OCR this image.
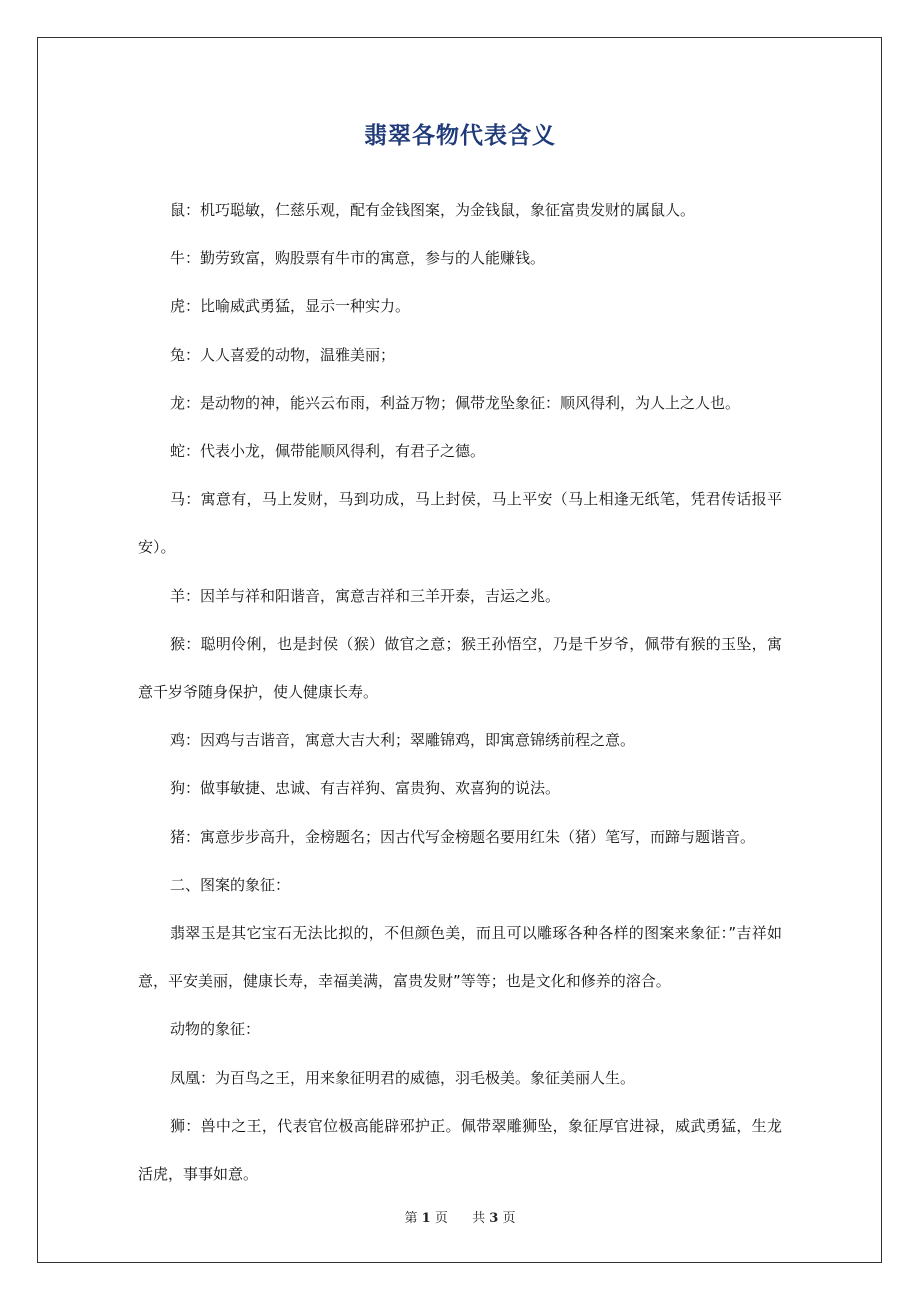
翡翠各物代表含义

鼠：机巧聪敏，仁慈乐观，配有金钱图案，为金钱鼠，象征富贵发财的属鼠人。

牛：勤劳致富，购股票有牛市的寓意，参与的人能赚钱。

虎：比喻威武勇猛，显示一种实力。

兔：人人喜爱的动物，温雅美丽；

龙：是动物的神，能兴云布雨，利益万物；佩带龙坠象征：顺风得利，为人上之人也。

蛇：代表小龙，佩带能顺风得利，有君子之德。

马：寓意有，马上发财，马到功成，马上封侯，马上平安（马上相逢无纸笔，凭君传话报平安）。

羊：因羊与祥和阳谐音，寓意吉祥和三羊开泰，吉运之兆。

猴：聪明伶俐，也是封侯（猴）做官之意；猴王孙悟空，乃是千岁爷，佩带有猴的玉坠，寓意千岁爷随身保护，使人健康长寿。

鸡：因鸡与吉谐音，寓意大吉大利；翠雕锦鸡，即寓意锦绣前程之意。

狗：做事敏捷、忠诚、有吉祥狗、富贵狗、欢喜狗的说法。

猪：寓意步步高升，金榜题名；因古代写金榜题名要用红朱（猪）笔写，而蹄与题谐音。

二、图案的象征：

翡翠玉是其它宝石无法比拟的，不但颜色美，而且可以雕琢各种各样的图案来象征：”吉祥如意，平安美丽，健康长寿，幸福美满，富贵发财”等等；也是文化和修养的溶合。

动物的象征：

凤凰：为百鸟之王，用来象征明君的威德，羽毛极美。象征美丽人生。

狮：兽中之王，代表官位极高能辟邪护正。佩带翠雕狮坠，象征厚官进禄，威武勇猛，生龙活虎，事事如意。

第 1 页 共 3 页
